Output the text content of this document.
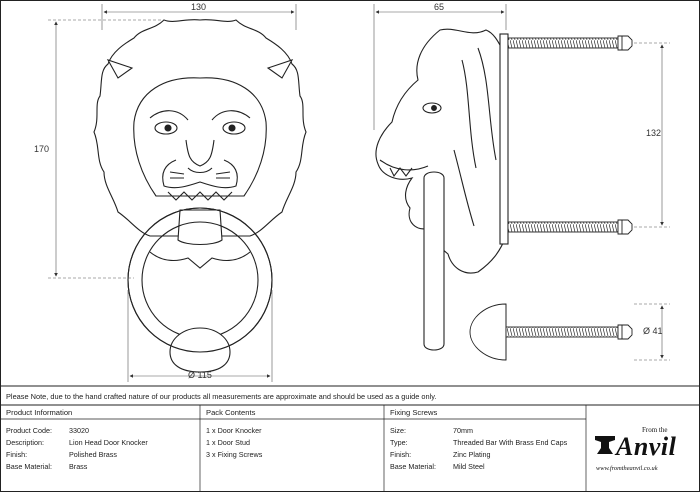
130
170
Ø 115
65
132
Ø 41
Please Note, due to the hand crafted nature of our products all measurements are approximate and should be used as a guide only.
Product Information
Product Code: 33020
Description:	Lion Head Door Knocker
Finish:	Polished Brass
Base Material: Brass
Pack Contents
1 x Door Knocker
1 x Door Stud
3 x Fixing Screws
Fixing Screws
Size:	70mm
Type:	Threaded Bar With Brass End Caps
Finish:	Zinc Plating
Base Material: Mild Steel
From the
Anvil
www.fromtheanvil.co.uk
